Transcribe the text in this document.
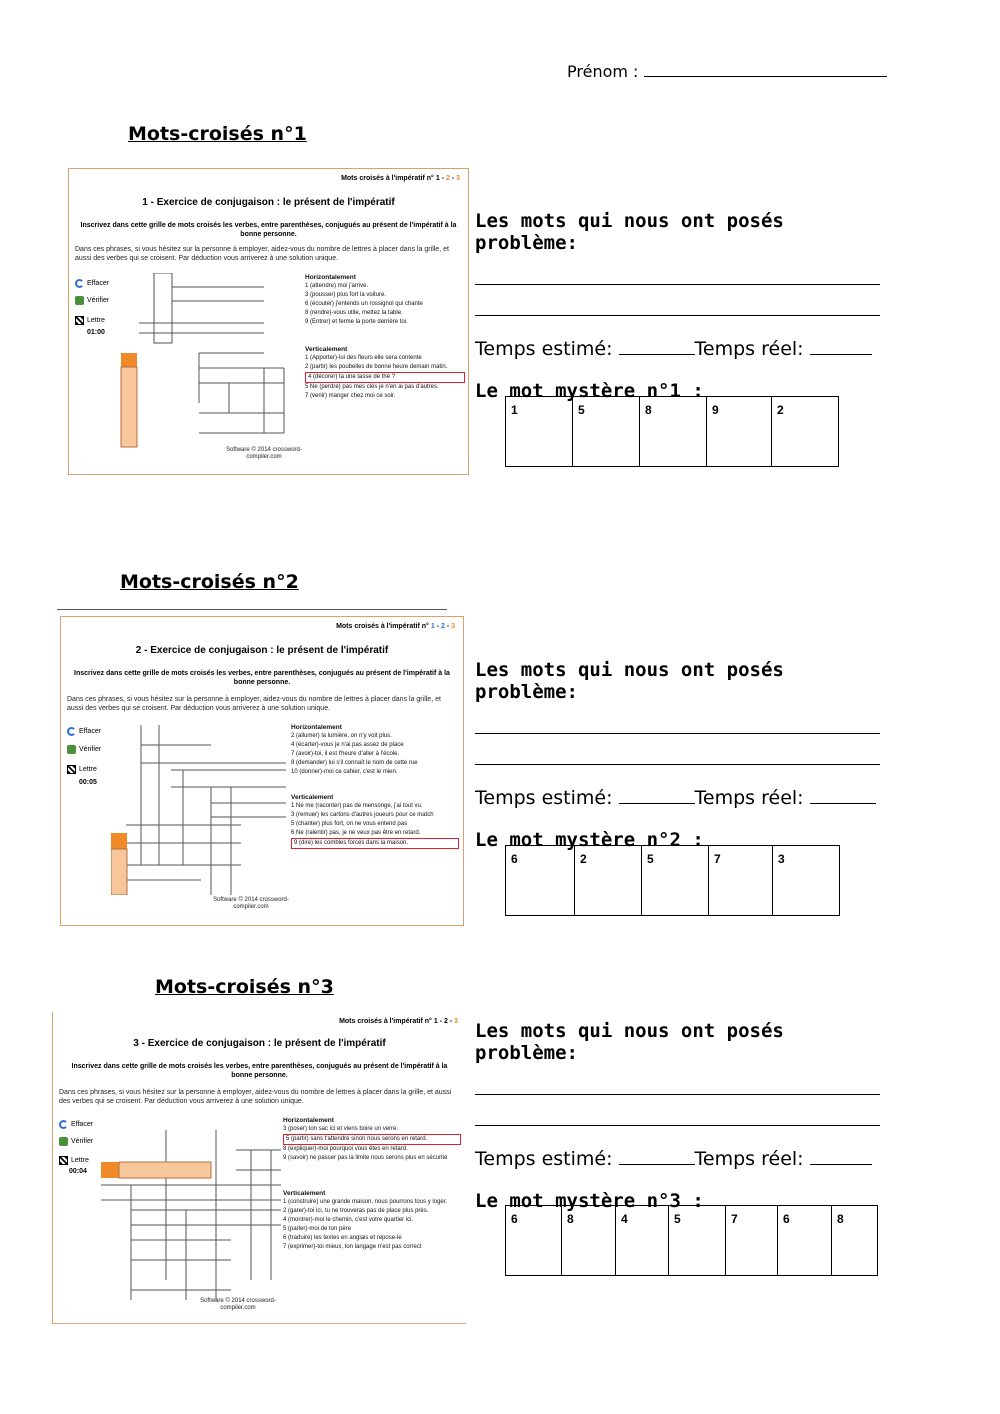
Prénom :
Mots-croisés n°1
Mots croisés à l'impératif n° 1 - 2 - 3
1 - Exercice de conjugaison : le présent de l'impératif
Inscrivez dans cette grille de mots croisés les verbes, entre parenthèses, conjugués au présent de l'impératif à la bonne personne.
Dans ces phrases, si vous hésitez sur la personne à employer, aidez-vous du nombre de lettres à placer dans la grille, et aussi des verbes qui se croisent. Par déduction vous arriverez à une solution unique.
Effacer
Vérifier
Lettre
01:00
Horizontalement
1 (attendre) moi j'arrive.
3 (pousser) plus fort la voiture.
6 (écouter) j'entends un rossignol qui chante
8 (rendre)-vous utile, mettez la table.
9 (Entrer) et ferme la porte derrière toi.
Verticalement
1 (Apporter)-lui des fleurs elle sera contente
2 (partir) les poubelles de bonne heure demain matin.
4 (décorer) ta une tasse de thé ?
5 Ne (perdre) pas mes clés je n'en ai pas d'autres.
7 (venir) manger chez moi ce soir.
Software © 2014 crossword-compiler.com
Les mots qui nous ont posés problème:
Temps estimé:	Temps réel:
Le mot mystère n°1 :
1	5	8	9	2
Mots-croisés n°2
Mots croisés à l'impératif n° 1 - 2 - 3
2 - Exercice de conjugaison : le présent de l'impératif
Inscrivez dans cette grille de mots croisés les verbes, entre parenthèses, conjugués au présent de l'impératif à la bonne personne.
Dans ces phrases, si vous hésitez sur la personne à employer, aidez-vous du nombre de lettres à placer dans la grille, et aussi des verbes qui se croisent. Par déduction vous arriverez à une solution unique.
Effacer
Vérifier
Lettre
00:05
Horizontalement
2 (allumer) la lumière, on n'y voit plus.
4 (écarter)-vous je n'ai pas assez de place
7 (avoir)-toi, il est l'heure d'aller à l'école.
8 (demander) lui s'il connaît le nom de cette rue
10 (donner)-moi ce cahier, c'est le mien.
Verticalement
1 Ne me (raconter) pas de mensonge, j'ai tout vu.
3 (remuer) les cartons d'autres joueurs pour ce match
5 (chanter) plus fort, on ne vous entend pas
6 Ne (ralentir) pas, je ne veux pas être en retard.
9 (dire) les combles forcés dans la maison.
Software © 2014 crossword-compiler.com
Les mots qui nous ont posés problème:
Temps estimé:	Temps réel:
Le mot mystère n°2 :
6	2	5	7	3
Mots-croisés n°3
Mots croisés à l'impératif n° 1 - 2 - 3
3 - Exercice de conjugaison : le présent de l'impératif
Inscrivez dans cette grille de mots croisés les verbes, entre parenthèses, conjugués au présent de l'impératif à la bonne personne.
Dans ces phrases, si vous hésitez sur la personne à employer, aidez-vous du nombre de lettres à placer dans la grille, et aussi des verbes qui se croisent. Par déduction vous arriverez à une solution unique.
Effacer
Vérifier
Lettre
00:04
Horizontalement
3 (poser) ton sac ici et viens boire un verre.
5 (partir) sans t'attendre sinon nous serons en retard.
8 (expliquer)-moi pourquoi vous êtes en retard.
9 (savoir) ne passer pas la limite nous serons plus en sécurité
Verticalement
1 (construire) une grande maison, nous pourrons tous y loger.
2 (garer)-toi ici, tu ne trouveras pas de place plus près.
4 (montrer)-moi le chemin, c'est votre quartier ici.
5 (parler)-moi de ton père
6 (traduire) les textes en anglais et repose-le
7 (exprimer)-toi mieux, ton langage n'est pas correct
Software © 2014 crossword-compiler.com
Les mots qui nous ont posés problème:
Temps estimé:	Temps réel:
Le mot mystère n°3 :
6	8	4	5	7	6	8
